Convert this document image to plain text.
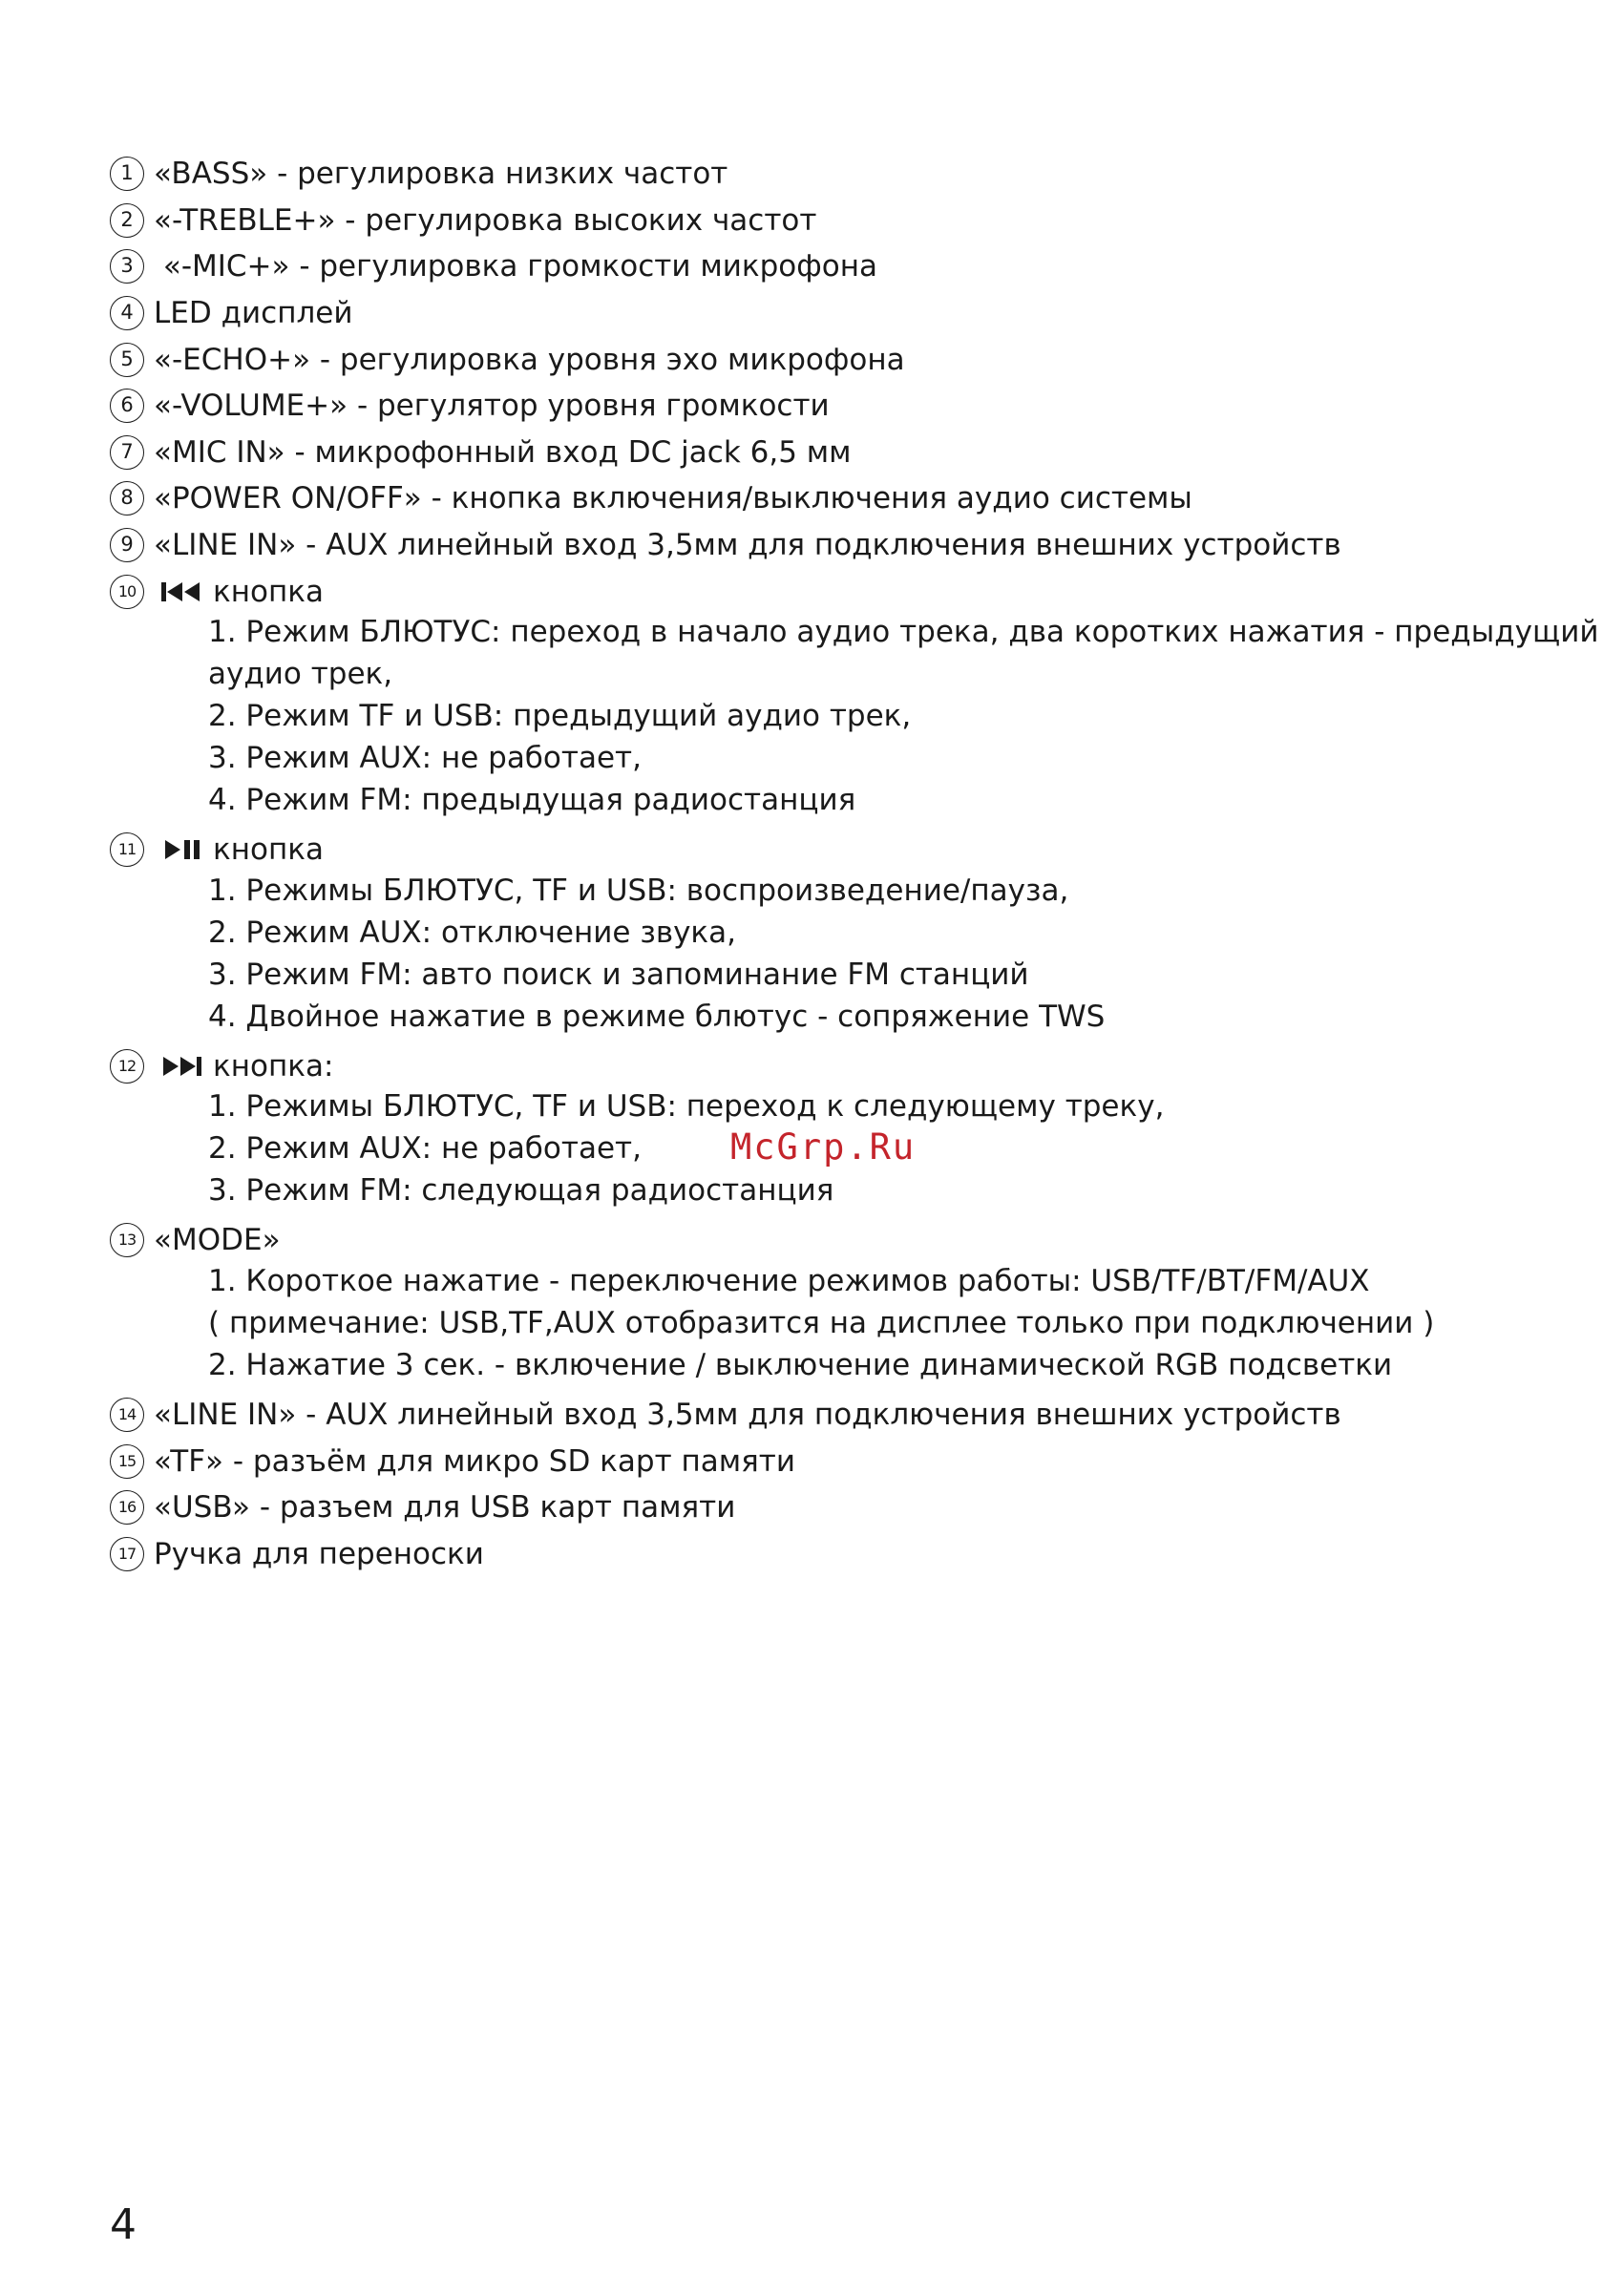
1 «BASS» - регулировка низких частот
2 «-TREBLE+» - регулировка высоких частот
3 «-MIC+» - регулировка громкости микрофона
4 LED дисплей
5 «-ECHO+» - регулировка уровня эхо микрофона
6 «-VOLUME+» - регулятор уровня громкости
7 «MIC IN» - микрофонный вход DC jack 6,5 мм
8 «POWER ON/OFF» - кнопка включения/выключения аудио системы
9 «LINE IN» - AUX линейный вход 3,5мм для подключения внешних устройств
10	кнопка
1. Режим БЛЮТУС: переход в начало аудио трека, два коротких нажатия - предыдущий аудио трек,
2. Режим TF и USB: предыдущий аудио трек,
3. Режим AUX: не работает,
4. Режим FM: предыдущая радиостанция
11	кнопка
1. Режимы БЛЮТУС, TF и USB: воспроизведение/пауза,
2. Режим AUX: отключение звука,
3. Режим FM: авто поиск и запоминание FM станций
4. Двойное нажатие в режиме блютус - сопряжение TWS
12	кнопка:
1. Режимы БЛЮТУС, TF и USB: переход к следующему треку,
2. Режим AUX: не работает,
3. Режим FM: следующая радиостанция
13 «MODE»
1. Короткое нажатие - переключение режимов работы: USB/TF/BT/FM/AUX
( примечание: USB,TF,AUX отобразится на дисплее только при подключении )
2. Нажатие 3 сек. - включение / выключение динамической RGB подсветки
14 «LINE IN» - AUX линейный вход 3,5мм для подключения внешних устройств
15 «TF» - разъём для микро SD карт памяти
16 «USB» - разъем для USB карт памяти
17 Ручка для переноски
McGrp.Ru
4
